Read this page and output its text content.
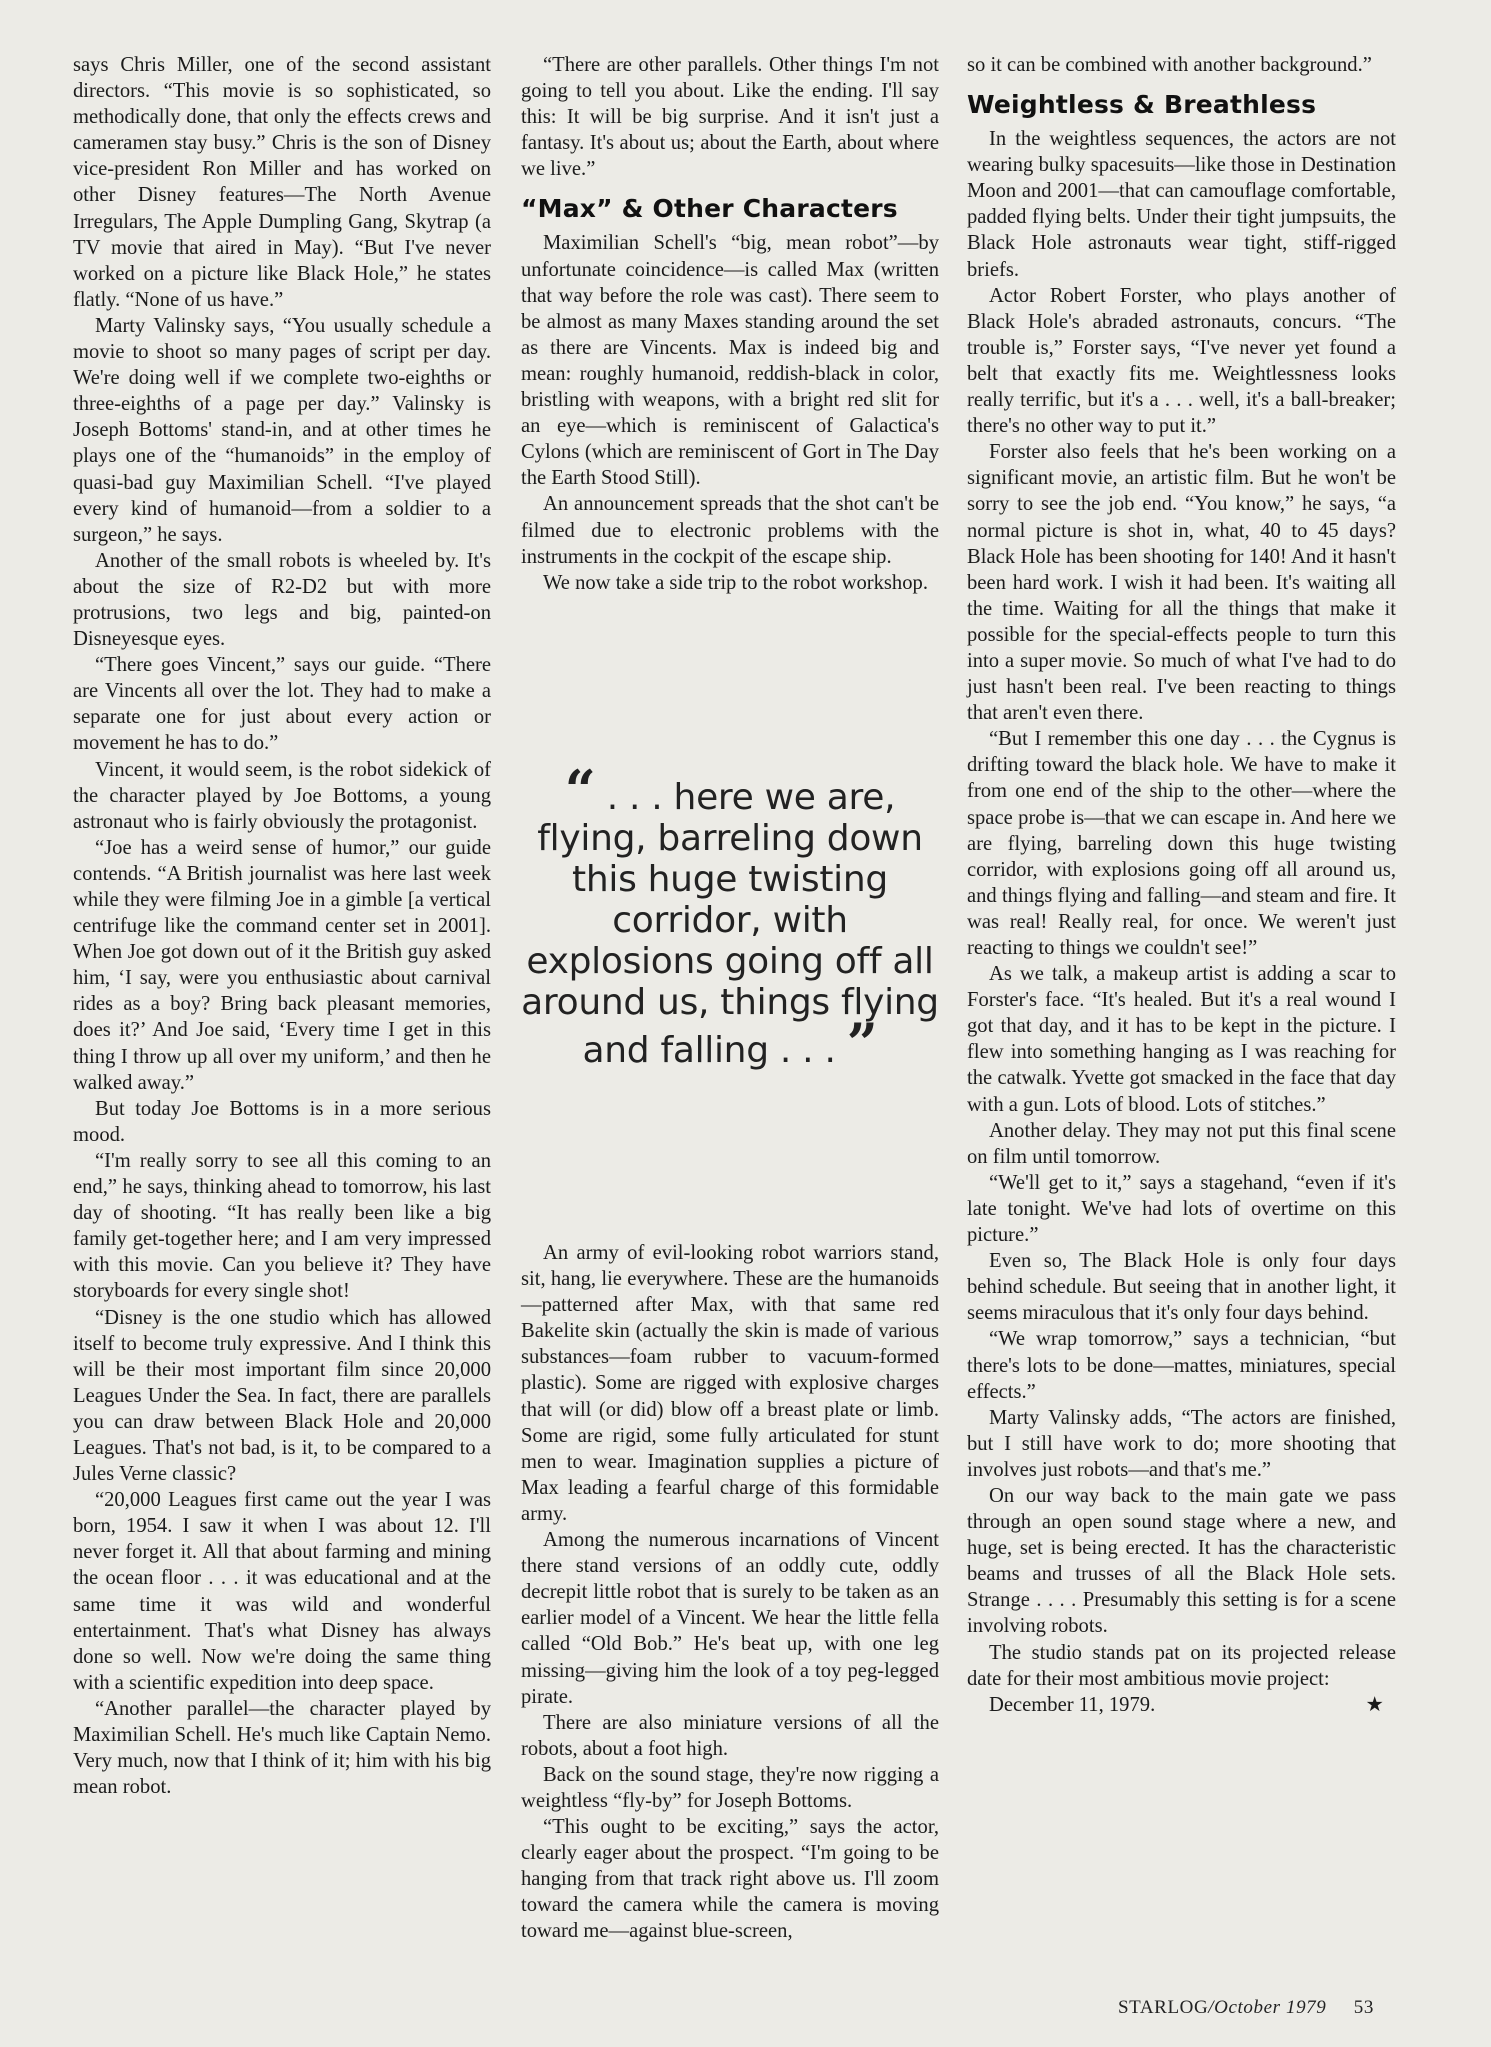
says Chris Miller, one of the second assistant directors. “This movie is so sophisticated, so methodically done, that only the effects crews and cameramen stay busy.” Chris is the son of Disney vice-president Ron Miller and has worked on other Disney features—The North Avenue Irregulars, The Apple Dumpling Gang, Skytrap (a TV movie that aired in May). “But I've never worked on a picture like Black Hole,” he states flatly. “None of us have.”

Marty Valinsky says, “You usually schedule a movie to shoot so many pages of script per day. We're doing well if we complete two-eighths or three-eighths of a page per day.” Valinsky is Joseph Bottoms' stand-in, and at other times he plays one of the “humanoids” in the employ of quasi-bad guy Maximilian Schell. “I've played every kind of humanoid—from a soldier to a surgeon,” he says.

Another of the small robots is wheeled by. It's about the size of R2-D2 but with more protrusions, two legs and big, painted-on Disneyesque eyes.

“There goes Vincent,” says our guide. “There are Vincents all over the lot. They had to make a separate one for just about every action or movement he has to do.”

Vincent, it would seem, is the robot sidekick of the character played by Joe Bottoms, a young astronaut who is fairly obviously the protagonist.

“Joe has a weird sense of humor,” our guide contends. “A British journalist was here last week while they were filming Joe in a gimble [a vertical centrifuge like the command center set in 2001]. When Joe got down out of it the British guy asked him, ‘I say, were you enthusiastic about carnival rides as a boy? Bring back pleasant memories, does it?’ And Joe said, ‘Every time I get in this thing I throw up all over my uniform,’ and then he walked away.”

But today Joe Bottoms is in a more serious mood.

“I'm really sorry to see all this coming to an end,” he says, thinking ahead to tomorrow, his last day of shooting. “It has really been like a big family get-together here; and I am very impressed with this movie. Can you believe it? They have storyboards for every single shot!

“Disney is the one studio which has allowed itself to become truly expressive. And I think this will be their most important film since 20,000 Leagues Under the Sea. In fact, there are parallels you can draw between Black Hole and 20,000 Leagues. That's not bad, is it, to be compared to a Jules Verne classic?

“20,000 Leagues first came out the year I was born, 1954. I saw it when I was about 12. I'll never forget it. All that about farming and mining the ocean floor . . . it was educational and at the same time it was wild and wonderful entertainment. That's what Disney has always done so well. Now we're doing the same thing with a scientific expedition into deep space.

“Another parallel—the character played by Maximilian Schell. He's much like Captain Nemo. Very much, now that I think of it; him with his big mean robot.

“There are other parallels. Other things I'm not going to tell you about. Like the ending. I'll say this: It will be big surprise. And it isn't just a fantasy. It's about us; about the Earth, about where we live.”

“Max” & Other Characters

Maximilian Schell's “big, mean robot”—by unfortunate coincidence—is called Max (written that way before the role was cast). There seem to be almost as many Maxes standing around the set as there are Vincents. Max is indeed big and mean: roughly humanoid, reddish-black in color, bristling with weapons, with a bright red slit for an eye—which is reminiscent of Galactica's Cylons (which are reminiscent of Gort in The Day the Earth Stood Still).

An announcement spreads that the shot can't be filmed due to electronic problems with the instruments in the cockpit of the escape ship.

We now take a side trip to the robot workshop.

“ . . . here we are, flying, barreling down this huge twisting corridor, with explosions going off all around us, things flying and falling . . . ”

An army of evil-looking robot warriors stand, sit, hang, lie everywhere. These are the humanoids—patterned after Max, with that same red Bakelite skin (actually the skin is made of various substances—foam rubber to vacuum-formed plastic). Some are rigged with explosive charges that will (or did) blow off a breast plate or limb. Some are rigid, some fully articulated for stunt men to wear. Imagination supplies a picture of Max leading a fearful charge of this formidable army.

Among the numerous incarnations of Vincent there stand versions of an oddly cute, oddly decrepit little robot that is surely to be taken as an earlier model of a Vincent. We hear the little fella called “Old Bob.” He's beat up, with one leg missing—giving him the look of a toy peg-legged pirate.

There are also miniature versions of all the robots, about a foot high.

Back on the sound stage, they're now rigging a weightless “fly-by” for Joseph Bottoms.

“This ought to be exciting,” says the actor, clearly eager about the prospect. “I'm going to be hanging from that track right above us. I'll zoom toward the camera while the camera is moving toward me—against blue-screen,

so it can be combined with another background.”

Weightless & Breathless

In the weightless sequences, the actors are not wearing bulky spacesuits—like those in Destination Moon and 2001—that can camouflage comfortable, padded flying belts. Under their tight jumpsuits, the Black Hole astronauts wear tight, stiff-rigged briefs.

Actor Robert Forster, who plays another of Black Hole's abraded astronauts, concurs. “The trouble is,” Forster says, “I've never yet found a belt that exactly fits me. Weightlessness looks really terrific, but it's a . . . well, it's a ball-breaker; there's no other way to put it.”

Forster also feels that he's been working on a significant movie, an artistic film. But he won't be sorry to see the job end. “You know,” he says, “a normal picture is shot in, what, 40 to 45 days? Black Hole has been shooting for 140! And it hasn't been hard work. I wish it had been. It's waiting all the time. Waiting for all the things that make it possible for the special-effects people to turn this into a super movie. So much of what I've had to do just hasn't been real. I've been reacting to things that aren't even there.

“But I remember this one day . . . the Cygnus is drifting toward the black hole. We have to make it from one end of the ship to the other—where the space probe is—that we can escape in. And here we are flying, barreling down this huge twisting corridor, with explosions going off all around us, and things flying and falling—and steam and fire. It was real! Really real, for once. We weren't just reacting to things we couldn't see!”

As we talk, a makeup artist is adding a scar to Forster's face. “It's healed. But it's a real wound I got that day, and it has to be kept in the picture. I flew into something hanging as I was reaching for the catwalk. Yvette got smacked in the face that day with a gun. Lots of blood. Lots of stitches.”

Another delay. They may not put this final scene on film until tomorrow.

“We'll get to it,” says a stagehand, “even if it's late tonight. We've had lots of overtime on this picture.”

Even so, The Black Hole is only four days behind schedule. But seeing that in another light, it seems miraculous that it's only four days behind.

“We wrap tomorrow,” says a technician, “but there's lots to be done—mattes, miniatures, special effects.”

Marty Valinsky adds, “The actors are finished, but I still have work to do; more shooting that involves just robots—and that's me.”

On our way back to the main gate we pass through an open sound stage where a new, and huge, set is being erected. It has the characteristic beams and trusses of all the Black Hole sets. Strange . . . . Presumably this setting is for a scene involving robots.

The studio stands pat on its projected release date for their most ambitious movie project:

December 11, 1979.	★

STARLOG/October 1979 53
